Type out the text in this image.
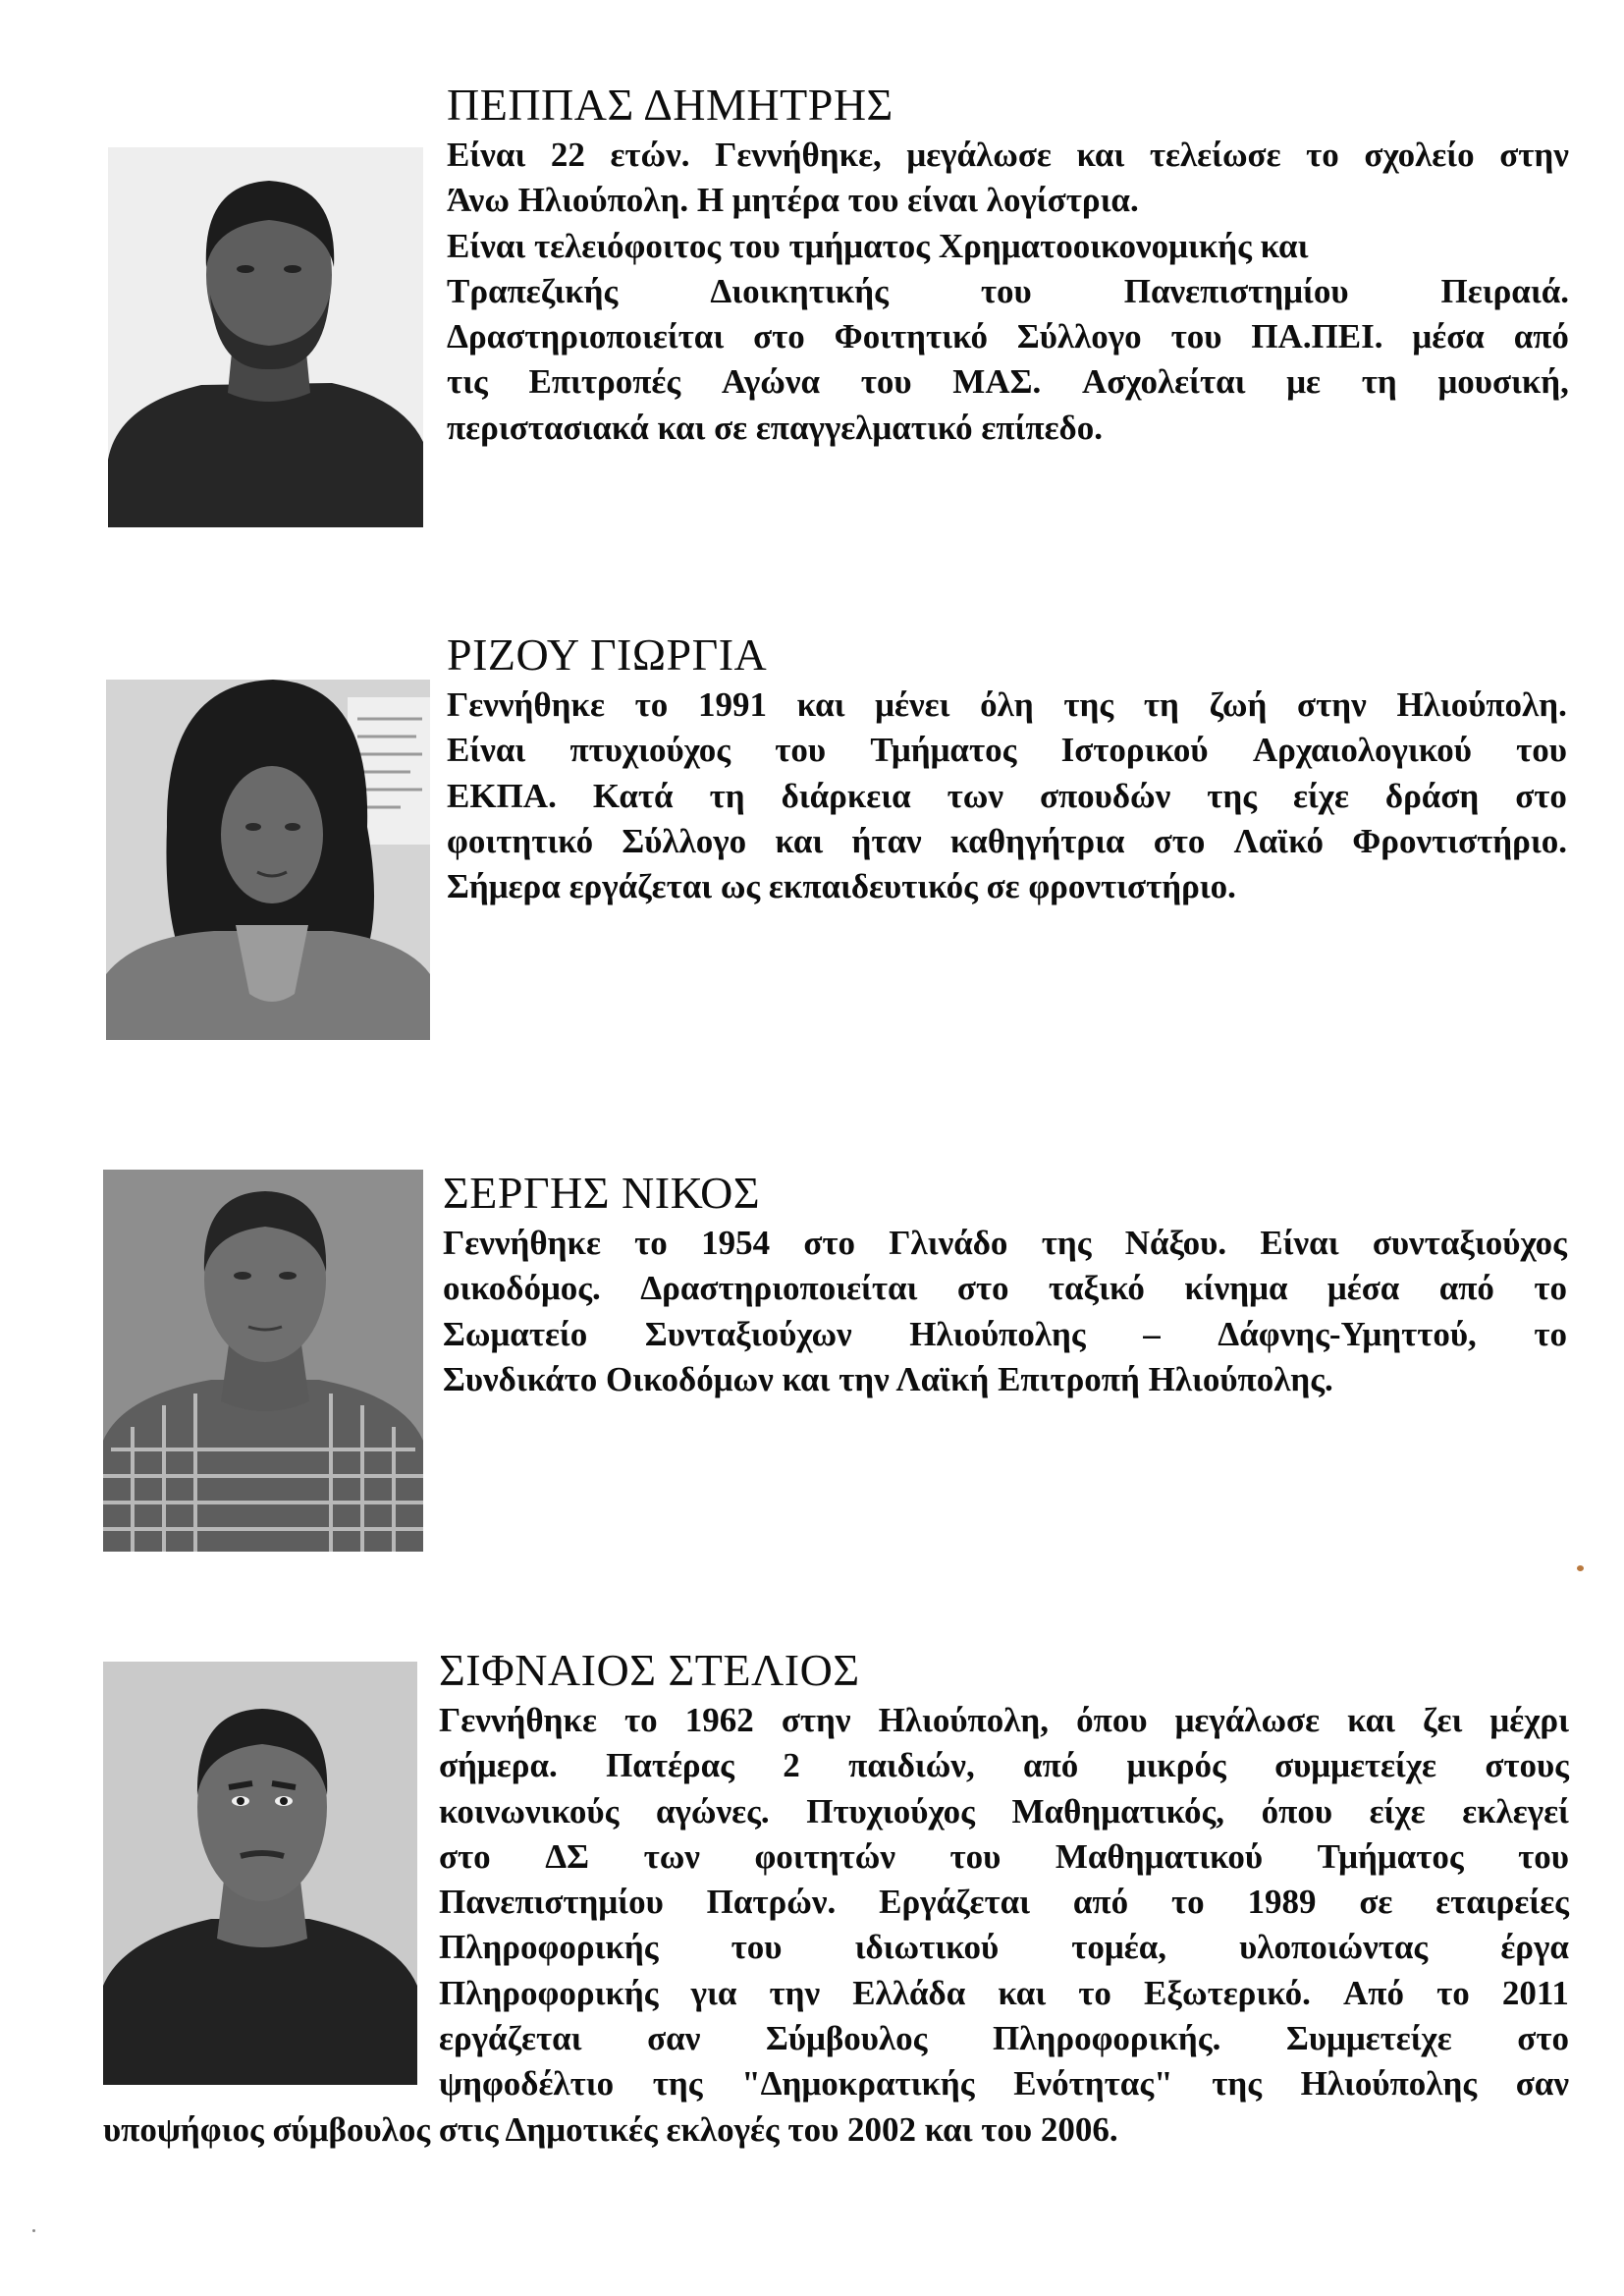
ΠΕΠΠΑΣ ΔΗΜΗΤΡΗΣ
Είναι 22 ετών. Γεννήθηκε, μεγάλωσε και τελείωσε το σχολείο στην
Άνω Ηλιούπολη. Η μητέρα του είναι λογίστρια.
Είναι τελειόφοιτος του τμήματος Χρηματοοικονομικής και
Τραπεζικής	Διοικητικής	του	Πανεπιστημίου	Πειραιά.
Δραστηριοποιείται στο Φοιτητικό Σύλλογο του ΠΑ.ΠΕΙ. μέσα από
τις Επιτροπές Αγώνα του ΜΑΣ. Ασχολείται με τη μουσική,
περιστασιακά και σε επαγγελματικό επίπεδο.
ΡΙΖΟΥ ΓΙΩΡΓΙΑ
Γεννήθηκε το 1991 και μένει όλη της τη ζωή στην Ηλιούπολη.
Είναι πτυχιούχος του Τμήματος Ιστορικού Αρχαιολογικού του
ΕΚΠΑ. Κατά τη διάρκεια των σπουδών της είχε δράση στο
φοιτητικό Σύλλογο και ήταν καθηγήτρια στο Λαϊκό Φροντιστήριο.
Σήμερα εργάζεται ως εκπαιδευτικός σε φροντιστήριο.
ΣΕΡΓΗΣ ΝΙΚΟΣ
Γεννήθηκε το 1954 στο Γλινάδο της Νάξου. Είναι συνταξιούχος
οικοδόμος. Δραστηριοποιείται στο ταξικό κίνημα μέσα από το
Σωματείο Συνταξιούχων Ηλιούπολης – Δάφνης-Υμηττού, το
Συνδικάτο Οικοδόμων και την Λαϊκή Επιτροπή Ηλιούπολης.
ΣΙΦΝΑΙΟΣ ΣΤΕΛΙΟΣ
Γεννήθηκε το 1962 στην Ηλιούπολη, όπου μεγάλωσε και ζει μέχρι
σήμερα. Πατέρας 2 παιδιών, από μικρός συμμετείχε στους
κοινωνικούς αγώνες. Πτυχιούχος Μαθηματικός, όπου είχε εκλεγεί
στο ΔΣ των φοιτητών του Μαθηματικού Τμήματος του
Πανεπιστημίου Πατρών. Εργάζεται από το 1989 σε εταιρείες
Πληροφορικής του ιδιωτικού τομέα, υλοποιώντας έργα
Πληροφορικής για την Ελλάδα και το Εξωτερικό. Από το 2011
εργάζεται σαν Σύμβουλος Πληροφορικής. Συμμετείχε στο
ψηφοδέλτιο της "Δημοκρατικής Ενότητας" της Ηλιούπολης σαν
υποψήφιος σύμβουλος στις Δημοτικές εκλογές του 2002 και του 2006.
